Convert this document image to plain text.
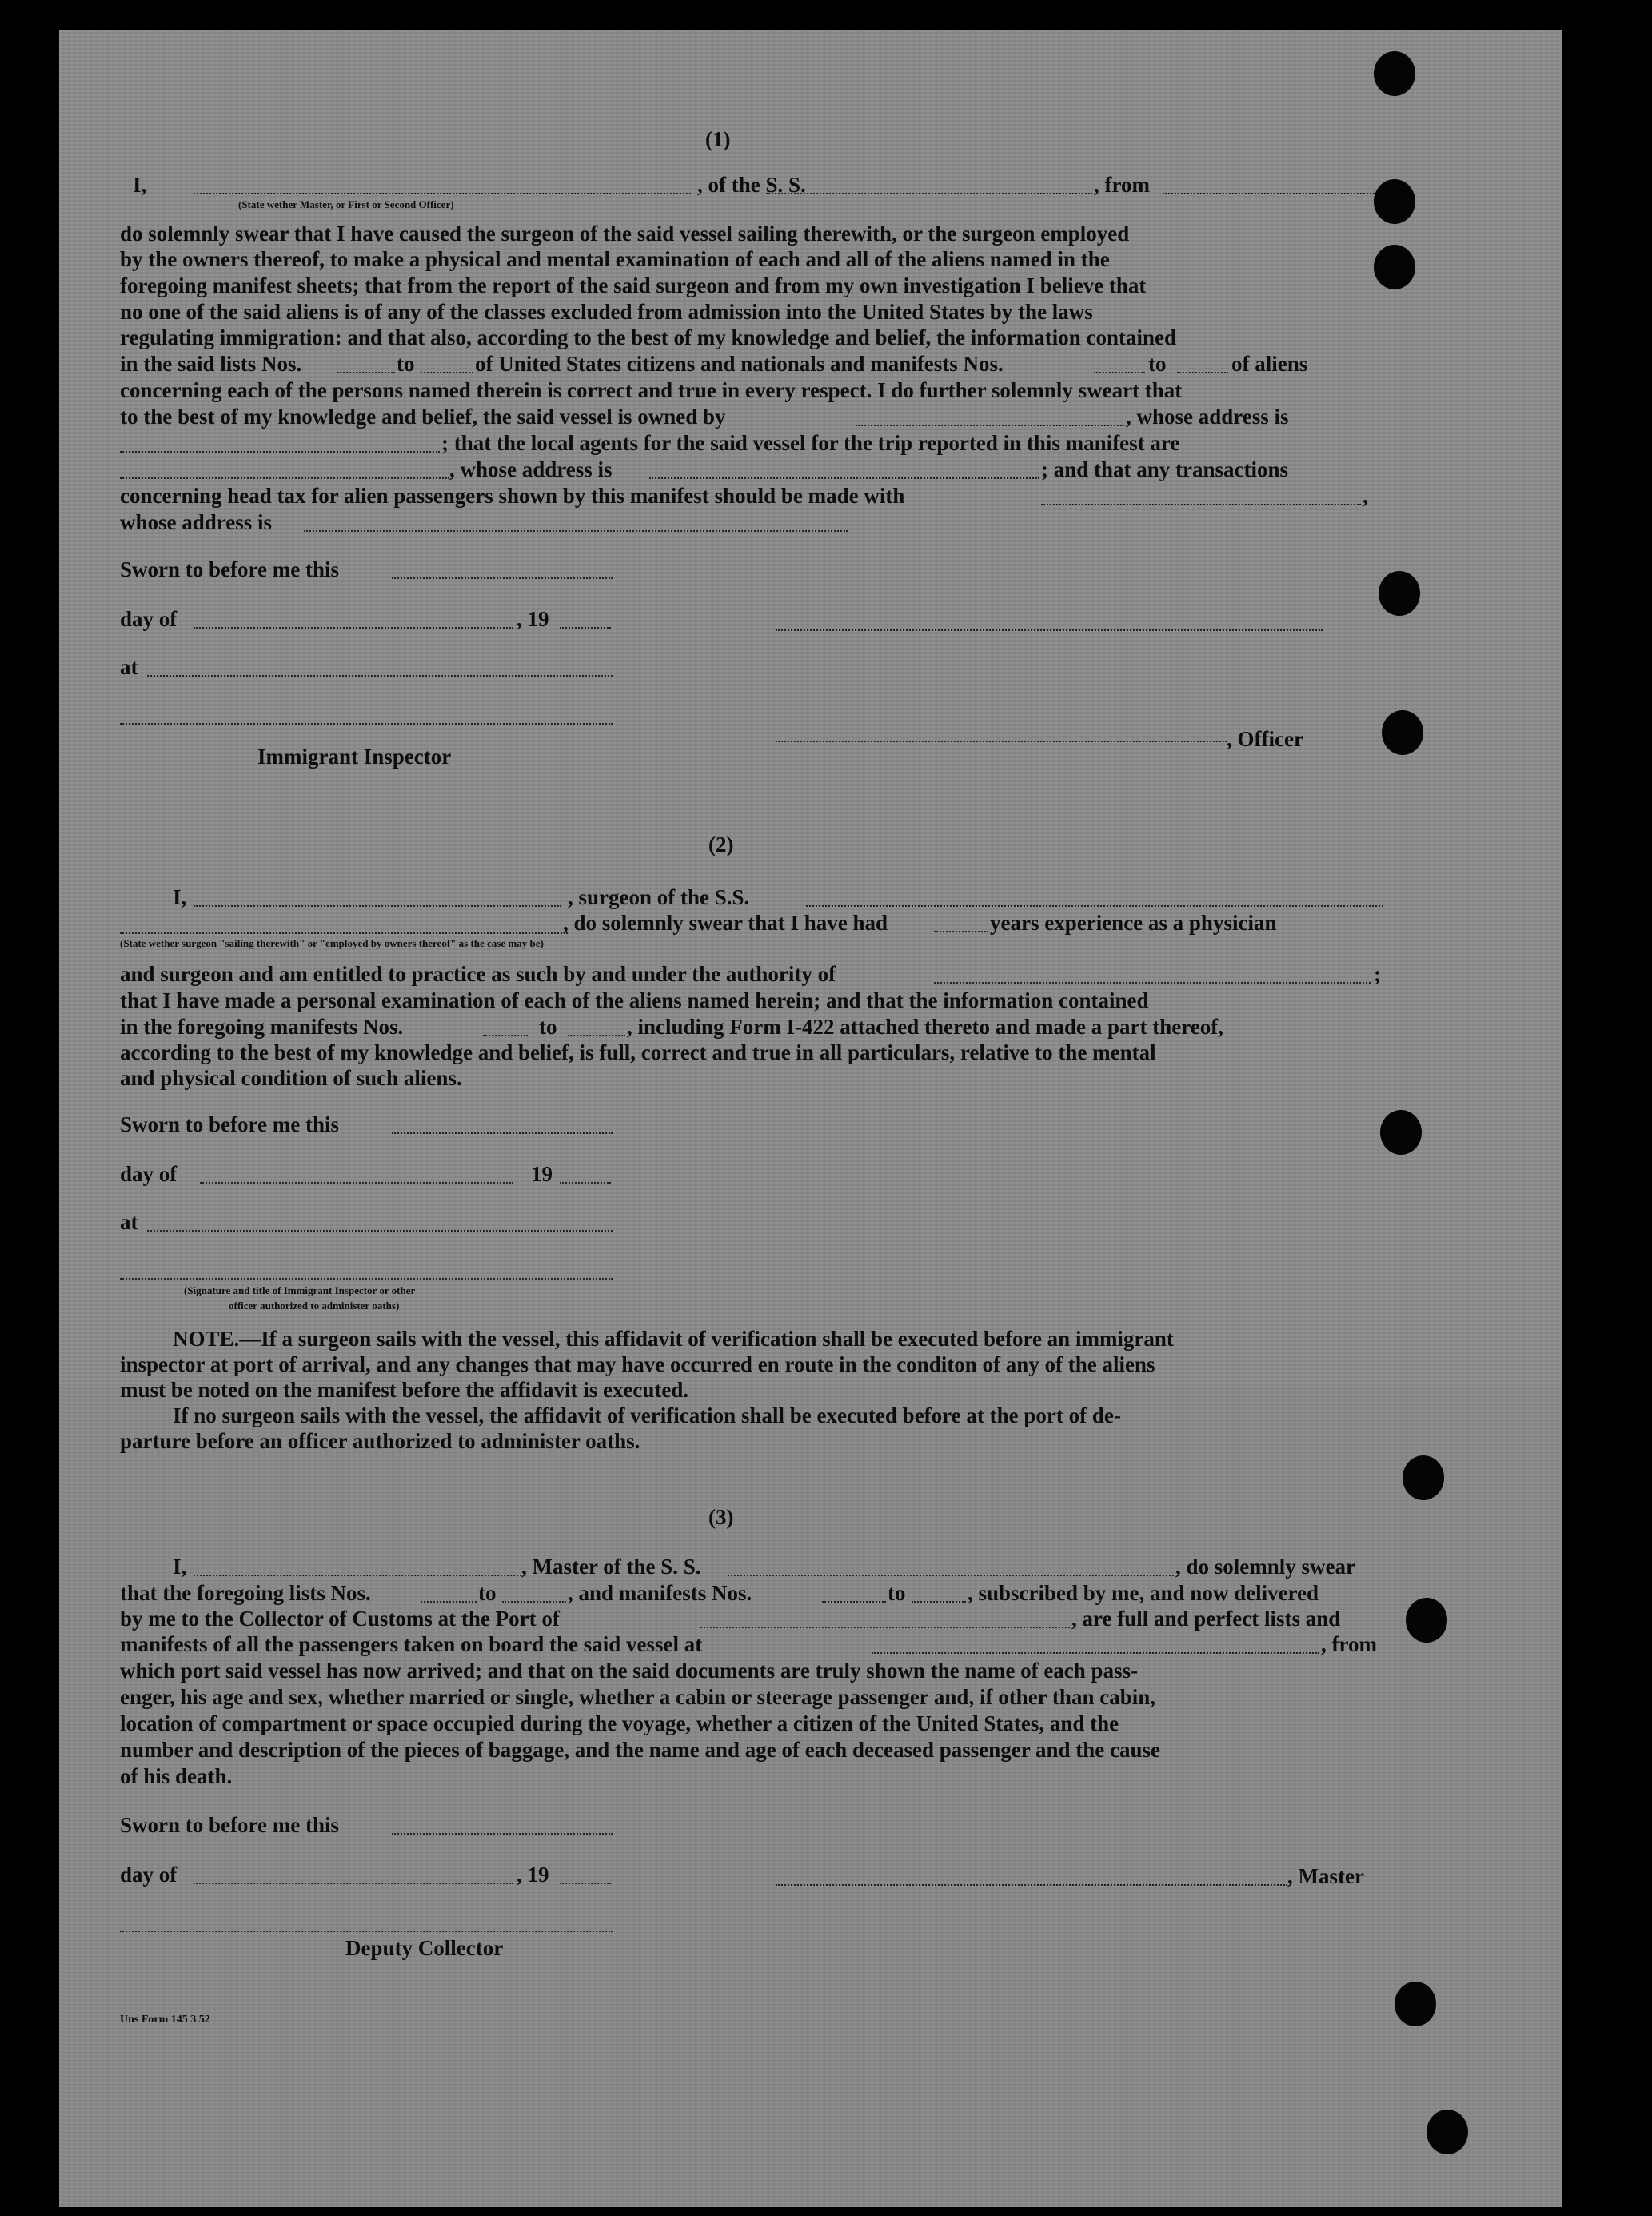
(1)
I,	, of the S. S.	, from
(State wether Master, or First or Second Officer)
do solemnly swear that I have caused the surgeon of the said vessel sailing therewith, or the surgeon employed
by the owners thereof, to make a physical and mental examination of each and all of the aliens named in the
foregoing manifest sheets; that from the report of the said surgeon and from my own investigation I believe that
no one of the said aliens is of any of the classes excluded from admission into the United States by the laws
regulating immigration: and that also, according to the best of my knowledge and belief, the information contained
in the said lists Nos.	to	of United States citizens and nationals and manifests Nos.	to	of aliens
concerning each of the persons named therein is correct and true in every respect. I do further solemnly sweart that
to the best of my knowledge and belief, the said vessel is owned by	, whose address is
; that the local agents for the said vessel for the trip reported in this manifest are
, whose address is	; and that any transactions
concerning head tax for alien passengers shown by this manifest should be made with	,
whose address is
Sworn to before me this
day of	, 19
at
Immigrant Inspector
, Officer
(2)
I,	, surgeon of the S.S.
, do solemnly swear that I have had	years experience as a physician
(State wether surgeon "sailing therewith" or "employed by owners thereof" as the case may be)
and surgeon and am entitled to practice as such by and under the authority of	;
that I have made a personal examination of each of the aliens named herein; and that the information contained
in the foregoing manifests Nos.	to	, including Form I-422 attached thereto and made a part thereof,
according to the best of my knowledge and belief, is full, correct and true in all particulars, relative to the mental
and physical condition of such aliens.
Sworn to before me this
day of	19
at
(Signature and title of Immigrant Inspector or other
officer authorized to administer oaths)
NOTE.—If a surgeon sails with the vessel, this affidavit of verification shall be executed before an immigrant
inspector at port of arrival, and any changes that may have occurred en route in the conditon of any of the aliens
must be noted on the manifest before the affidavit is executed.
If no surgeon sails with the vessel, the affidavit of verification shall be executed before at the port of de-
parture before an officer authorized to administer oaths.
(3)
I,	, Master of the S. S.	, do solemnly swear
that the foregoing lists Nos.	to	, and manifests Nos.	to	, subscribed by me, and now delivered
by me to the Collector of Customs at the Port of	, are full and perfect lists and
manifests of all the passengers taken on board the said vessel at	, from
which port said vessel has now arrived; and that on the said documents are truly shown the name of each pass-
enger, his age and sex, whether married or single, whether a cabin or steerage passenger and, if other than cabin,
location of compartment or space occupied during the voyage, whether a citizen of the United States, and the
number and description of the pieces of baggage, and the name and age of each deceased passenger and the cause
of his death.
Sworn to before me this
day of	, 19	, Master
Deputy Collector
Uns Form 145 3 52
